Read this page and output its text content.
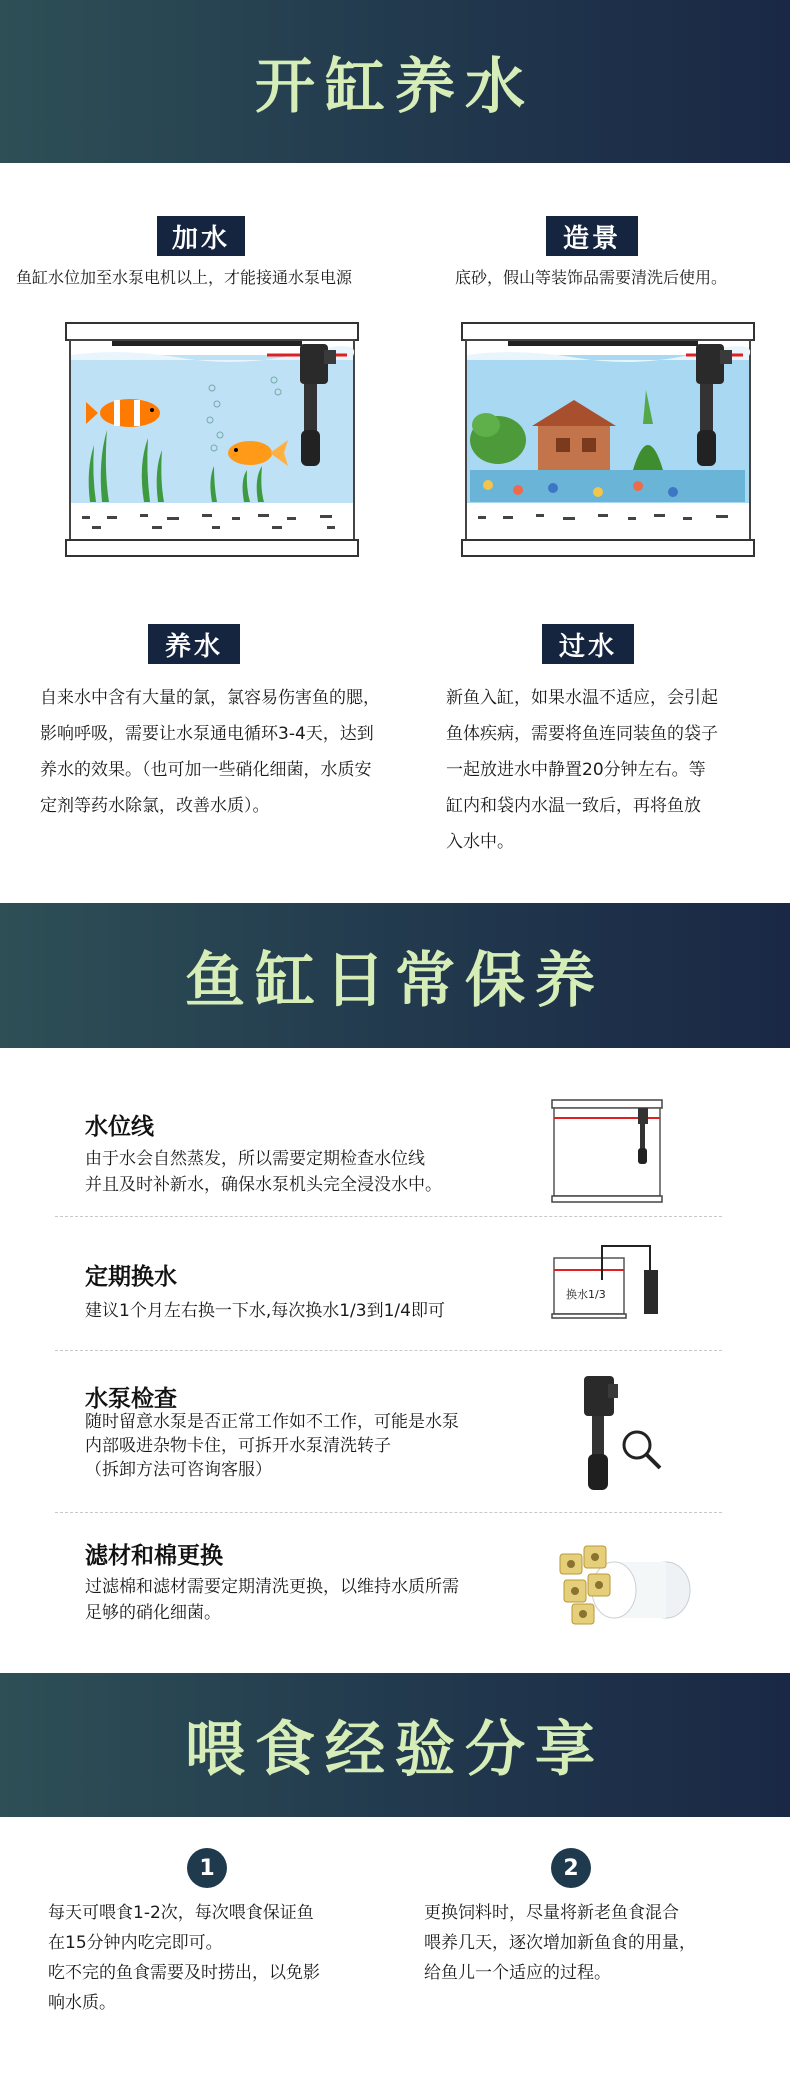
开缸养水
加水	造景
鱼缸水位加至水泵电机以上，才能接通水泵电源	底砂，假山等装饰品需要清洗后使用。
养水	过水
自来水中含有大量的氯，氯容易伤害鱼的腮，
影响呼吸，需要让水泵通电循环3-4天，达到
养水的效果。（也可加一些硝化细菌，水质安
定剂等药水除氯，改善水质）。
新鱼入缸，如果水温不适应，会引起
鱼体疾病，需要将鱼连同装鱼的袋子
一起放进水中静置20分钟左右。等
缸内和袋内水温一致后，再将鱼放
入水中。
鱼缸日常保养
水位线
由于水会自然蒸发，所以需要定期检查水位线
并且及时补新水，确保水泵机头完全浸没水中。
定期换水
建议1个月左右换一下水,每次换水1/3到1/4即可
换水1/3
水泵检查
随时留意水泵是否正常工作如不工作，可能是水泵
内部吸进杂物卡住，可拆开水泵清洗转子
（拆卸方法可咨询客服）
滤材和棉更换
过滤棉和滤材需要定期清洗更换，以维持水质所需
足够的硝化细菌。
喂食经验分享
1	2
每天可喂食1-2次，每次喂食保证鱼
在15分钟内吃完即可。
吃不完的鱼食需要及时捞出，以免影
响水质。
更换饲料时，尽量将新老鱼食混合
喂养几天，逐次增加新鱼食的用量，
给鱼儿一个适应的过程。
